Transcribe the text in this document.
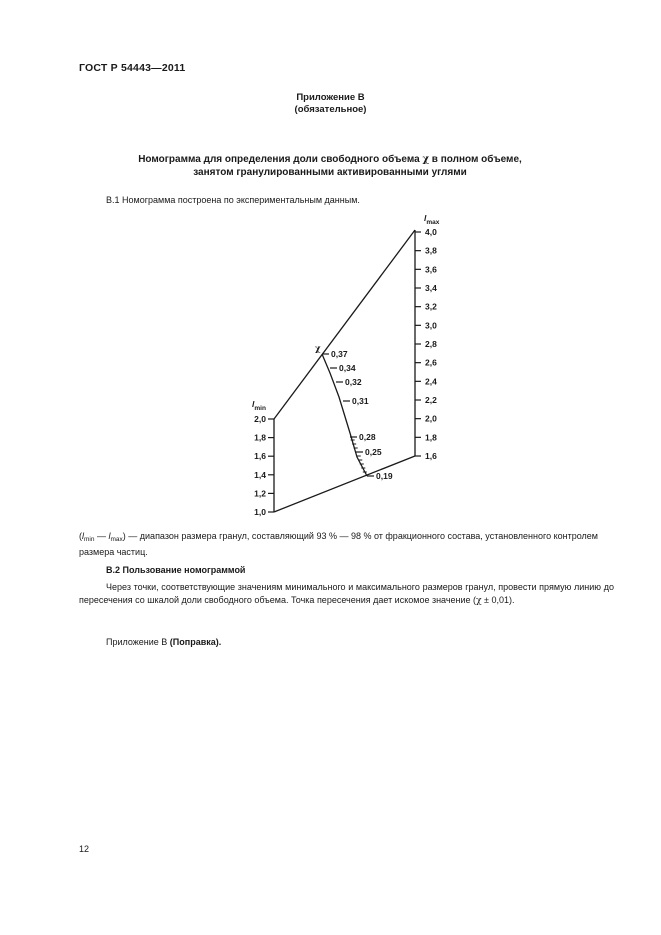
ГОСТ Р 54443—2011
Приложение В
(обязательное)
Номограмма для определения доли свободного объема χ в полном объеме,
занятом гранулированными активированными углями
В.1 Номограмма построена по экспериментальным данным.
2,0
1,8
1,6
1,4
1,2
1,0
4,0
3,8
3,6
3,4
3,2
3,0
2,8
2,6
2,4
2,2
2,0
1,8
1,6
0,37
0,34
0,32
0,31
0,28
0,25
0,19
$l_{min}$
$l_{max}$
χ
($l_{min}$ — $l_{max}$) — диапазон размера гранул, составляющий 93 % — 98 % от фракционного состава, установленного контролем размера частиц.
В.2 Пользование номограммой
Через точки, соответствующие значениям минимального и максимального размеров гранул, провести прямую линию до пересечения со шкалой доли свободного объема. Точка пересечения дает искомое значение (χ ± 0,01).
Приложение В (Поправка).
12
